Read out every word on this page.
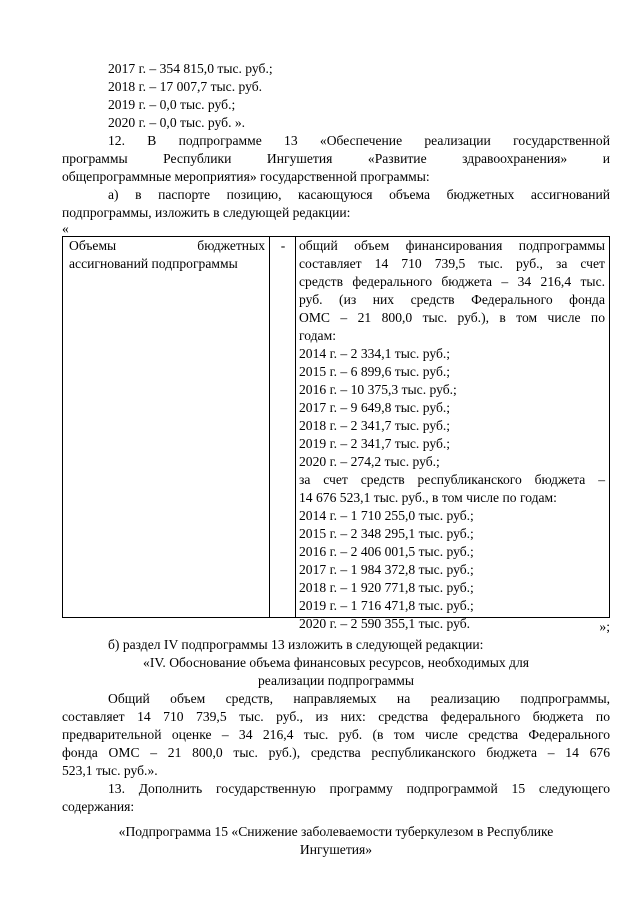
2017 г. – 354 815,0 тыс. руб.;
2018 г. – 17 007,7 тыс. руб.
2019 г. – 0,0 тыс. руб.;
2020 г. – 0,0 тыс. руб. ».
12. В подпрограмме 13 «Обеспечение реализации государственной
программы Республики Ингушетия «Развитие здравоохранения» и
общепрограммные мероприятия» государственной программы:
а) в паспорте позицию, касающуюся объема бюджетных ассигнований
подпрограммы, изложить в следующей редакции:
«
Объемы бюджетных
ассигнований подпрограммы
-	общий объем финансирования подпрограммы
составляет 14 710 739,5 тыс. руб., за счет
средств федерального бюджета – 34 216,4 тыс.
руб. (из них средств Федерального фонда
ОМС – 21 800,0 тыс. руб.), в том числе по
годам:
2014 г. – 2 334,1 тыс. руб.;
2015 г. – 6 899,6 тыс. руб.;
2016 г. – 10 375,3 тыс. руб.;
2017 г. – 9 649,8 тыс. руб.;
2018 г. – 2 341,7 тыс. руб.;
2019 г. – 2 341,7 тыс. руб.;
2020 г. – 274,2 тыс. руб.;
за счет средств республиканского бюджета –
14 676 523,1 тыс. руб., в том числе по годам:
2014 г. – 1 710 255,0 тыс. руб.;
2015 г. – 2 348 295,1 тыс. руб.;
2016 г. – 2 406 001,5 тыс. руб.;
2017 г. – 1 984 372,8 тыс. руб.;
2018 г. – 1 920 771,8 тыс. руб.;
2019 г. – 1 716 471,8 тыс. руб.;
2020 г. – 2 590 355,1 тыс. руб.	»;
б) раздел IV подпрограммы 13 изложить в следующей редакции:
«IV. Обоснование объема финансовых ресурсов, необходимых для
реализации подпрограммы
Общий объем средств, направляемых на реализацию подпрограммы,
составляет 14 710 739,5 тыс. руб., из них: средства федерального бюджета по
предварительной оценке – 34 216,4 тыс. руб. (в том числе средства Федерального
фонда ОМС – 21 800,0 тыс. руб.), средства республиканского бюджета – 14 676
523,1 тыс. руб.».
13. Дополнить государственную программу подпрограммой 15 следующего
содержания:
«Подпрограмма 15 «Снижение заболеваемости туберкулезом в Республике
Ингушетия»
